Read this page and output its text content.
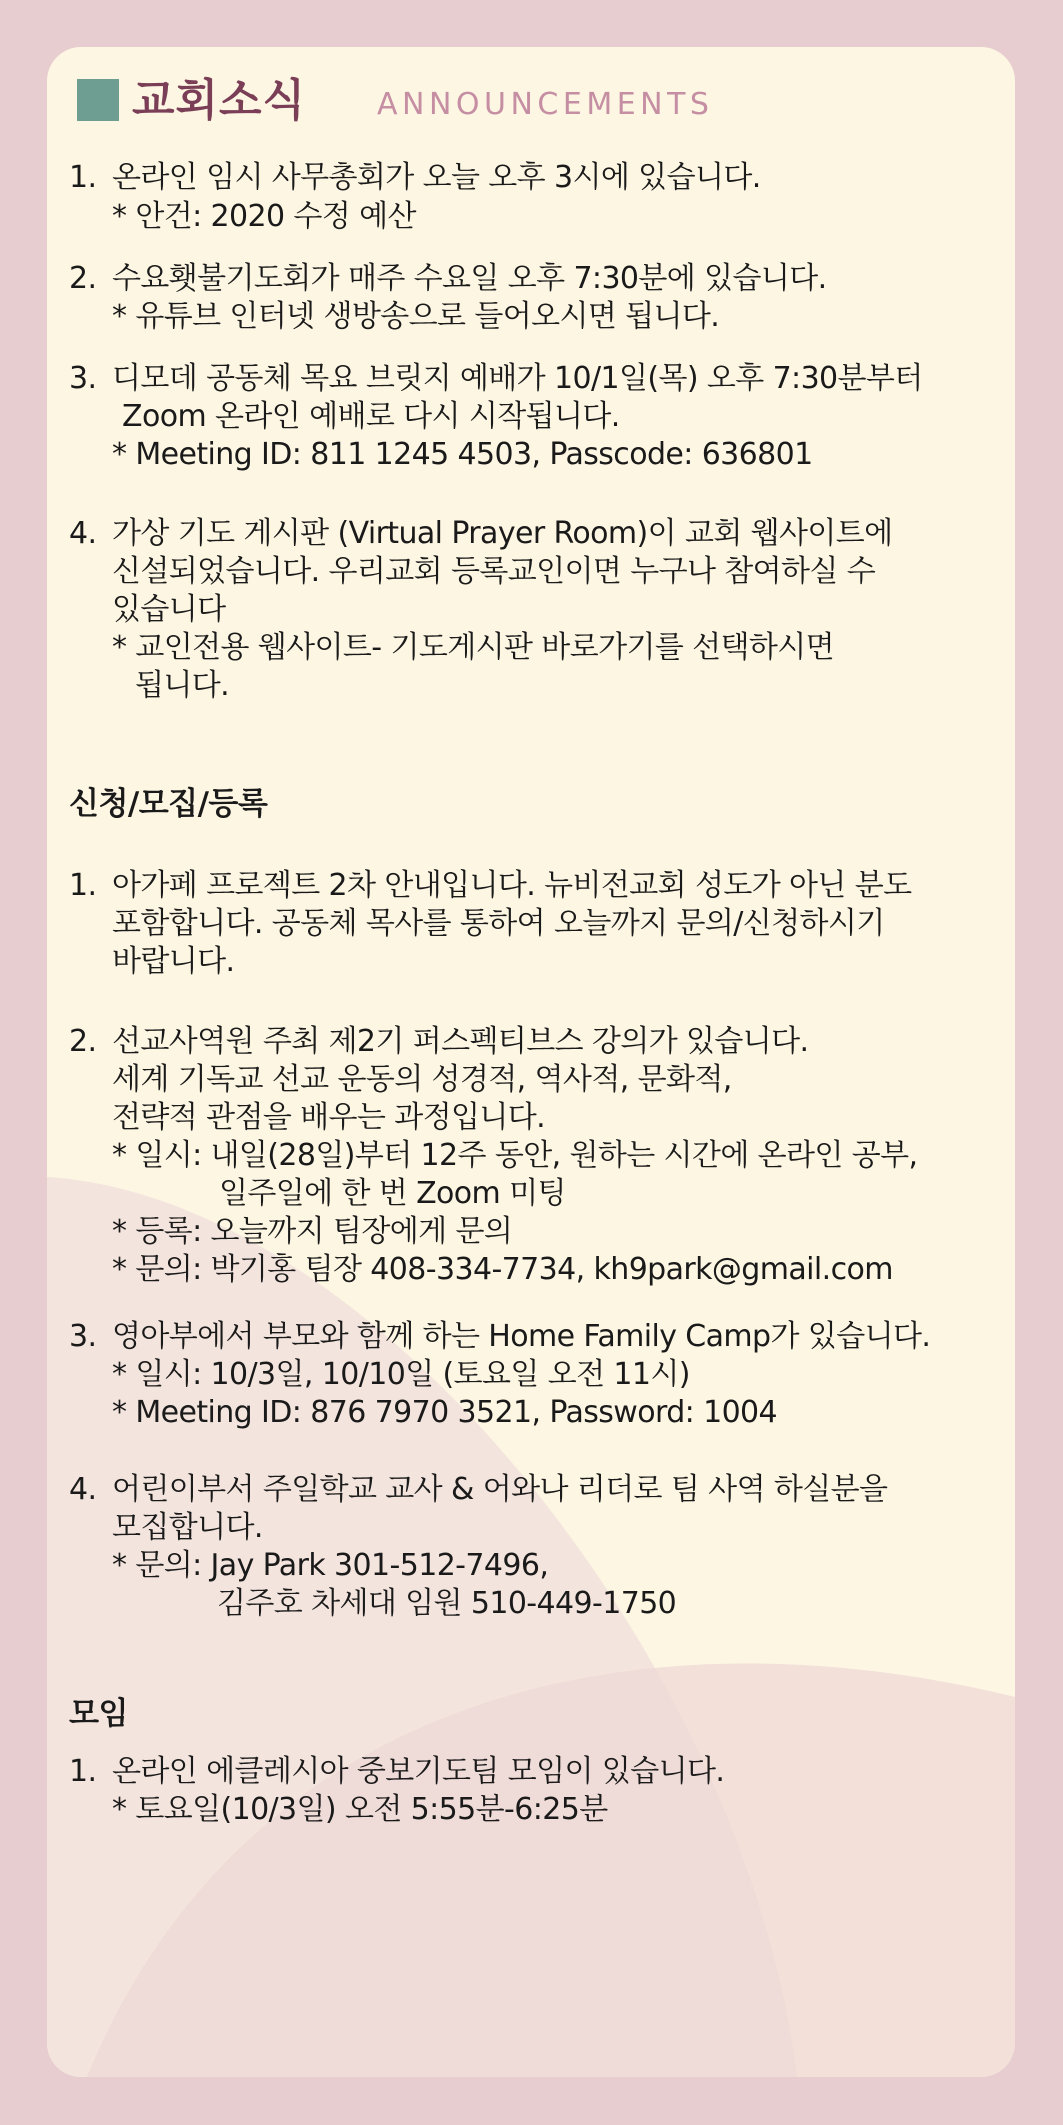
교회소식 ANNOUNCEMENTS
1. 온라인 임시 사무총회가 오늘 오후 3시에 있습니다.
* 안건: 2020 수정 예산
2. 수요횃불기도회가 매주 수요일 오후 7:30분에 있습니다.
* 유튜브 인터넷 생방송으로 들어오시면 됩니다.
3. 디모데 공동체 목요 브릿지 예배가 10/1일(목) 오후 7:30분부터
Zoom 온라인 예배로 다시 시작됩니다.
* Meeting ID: 811 1245 4503, Passcode: 636801
4. 가상 기도 게시판 (Virtual Prayer Room)이 교회 웹사이트에
신설되었습니다. 우리교회 등록교인이면 누구나 참여하실 수
있습니다
* 교인전용 웹사이트- 기도게시판 바로가기를 선택하시면
됩니다.
신청/모집/등록
1. 아가페 프로젝트 2차 안내입니다. 뉴비전교회 성도가 아닌 분도
포함합니다. 공동체 목사를 통하여 오늘까지 문의/신청하시기
바랍니다.
2. 선교사역원 주최 제2기 퍼스펙티브스 강의가 있습니다.
세계 기독교 선교 운동의 성경적, 역사적, 문화적,
전략적 관점을 배우는 과정입니다.
* 일시: 내일(28일)부터 12주 동안, 원하는 시간에 온라인 공부,
일주일에 한 번 Zoom 미팅
* 등록: 오늘까지 팀장에게 문의
* 문의: 박기홍 팀장 408-334-7734, kh9park@gmail.com
3. 영아부에서 부모와 함께 하는 Home Family Camp가 있습니다.
* 일시: 10/3일, 10/10일 (토요일 오전 11시)
* Meeting ID: 876 7970 3521, Password: 1004
4. 어린이부서 주일학교 교사 & 어와나 리더로 팀 사역 하실분을
모집합니다.
* 문의: Jay Park 301-512-7496,
김주호 차세대 임원 510-449-1750
모임
1. 온라인 에클레시아 중보기도팀 모임이 있습니다.
* 토요일(10/3일) 오전 5:55분-6:25분
